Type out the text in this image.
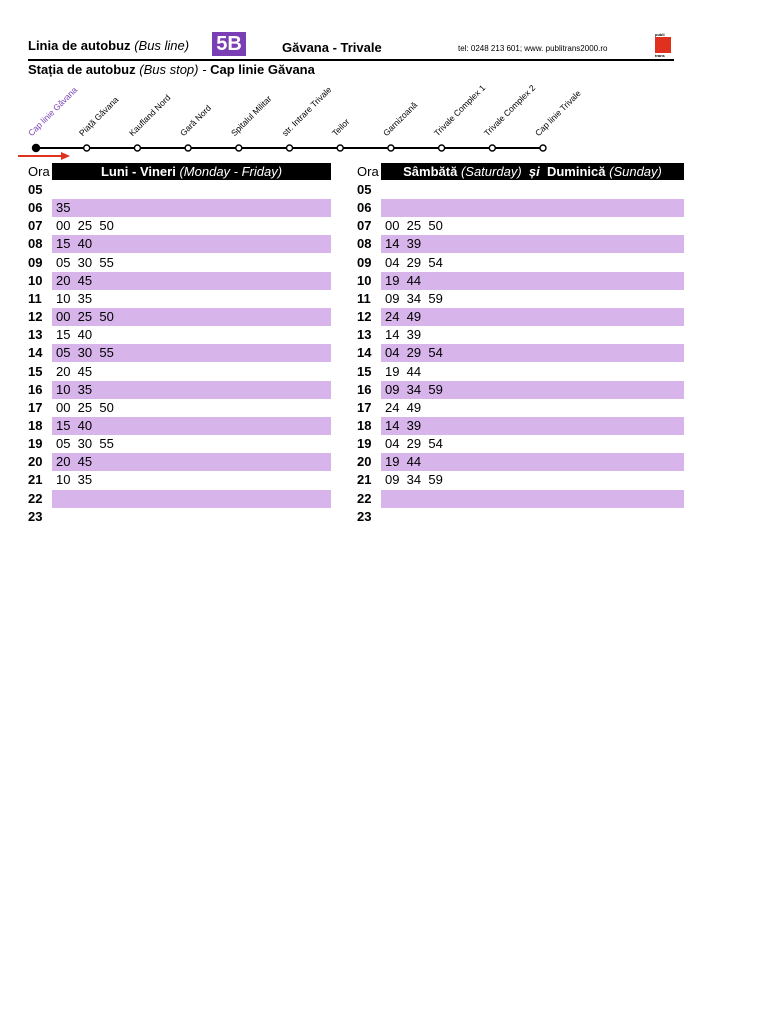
Linia de autobuz (Bus line) 5B	Găvana - Trivale	tel: 0248 213 601; www. publitrans2000.ro
publi
trans
Stația de autobuz (Bus stop) - Cap linie Găvana
Cap linie Găvana
Piață Găvana Kaufland Nord Gară Nord Spitalul Militar str. Intrare Trivale
Teilor	Garnizoană Trivale Complex 1
Trivale Complex 2
Cap linie Trivale
Ora	Luni - Vineri (Monday - Friday)
05
06	35
07	00  25  50
08	15  40
09	05  30  55
10	20  45
11	10  35
12	00  25  50
13	15  40
14	05  30  55
15	20  45
16	10  35
17	00  25  50
18	15  40
19	05  30  55
20	20  45
21	10  35
22
23
Ora	Sâmbătă (Saturday) și Duminică (Sunday)
05
06
07	00  25  50
08	14  39
09	04  29  54
10	19  44
11	09  34  59
12	24  49
13	14  39
14	04  29  54
15	19  44
16	09  34  59
17	24  49
18	14  39
19	04  29  54
20	19  44
21	09  34  59
22
23
